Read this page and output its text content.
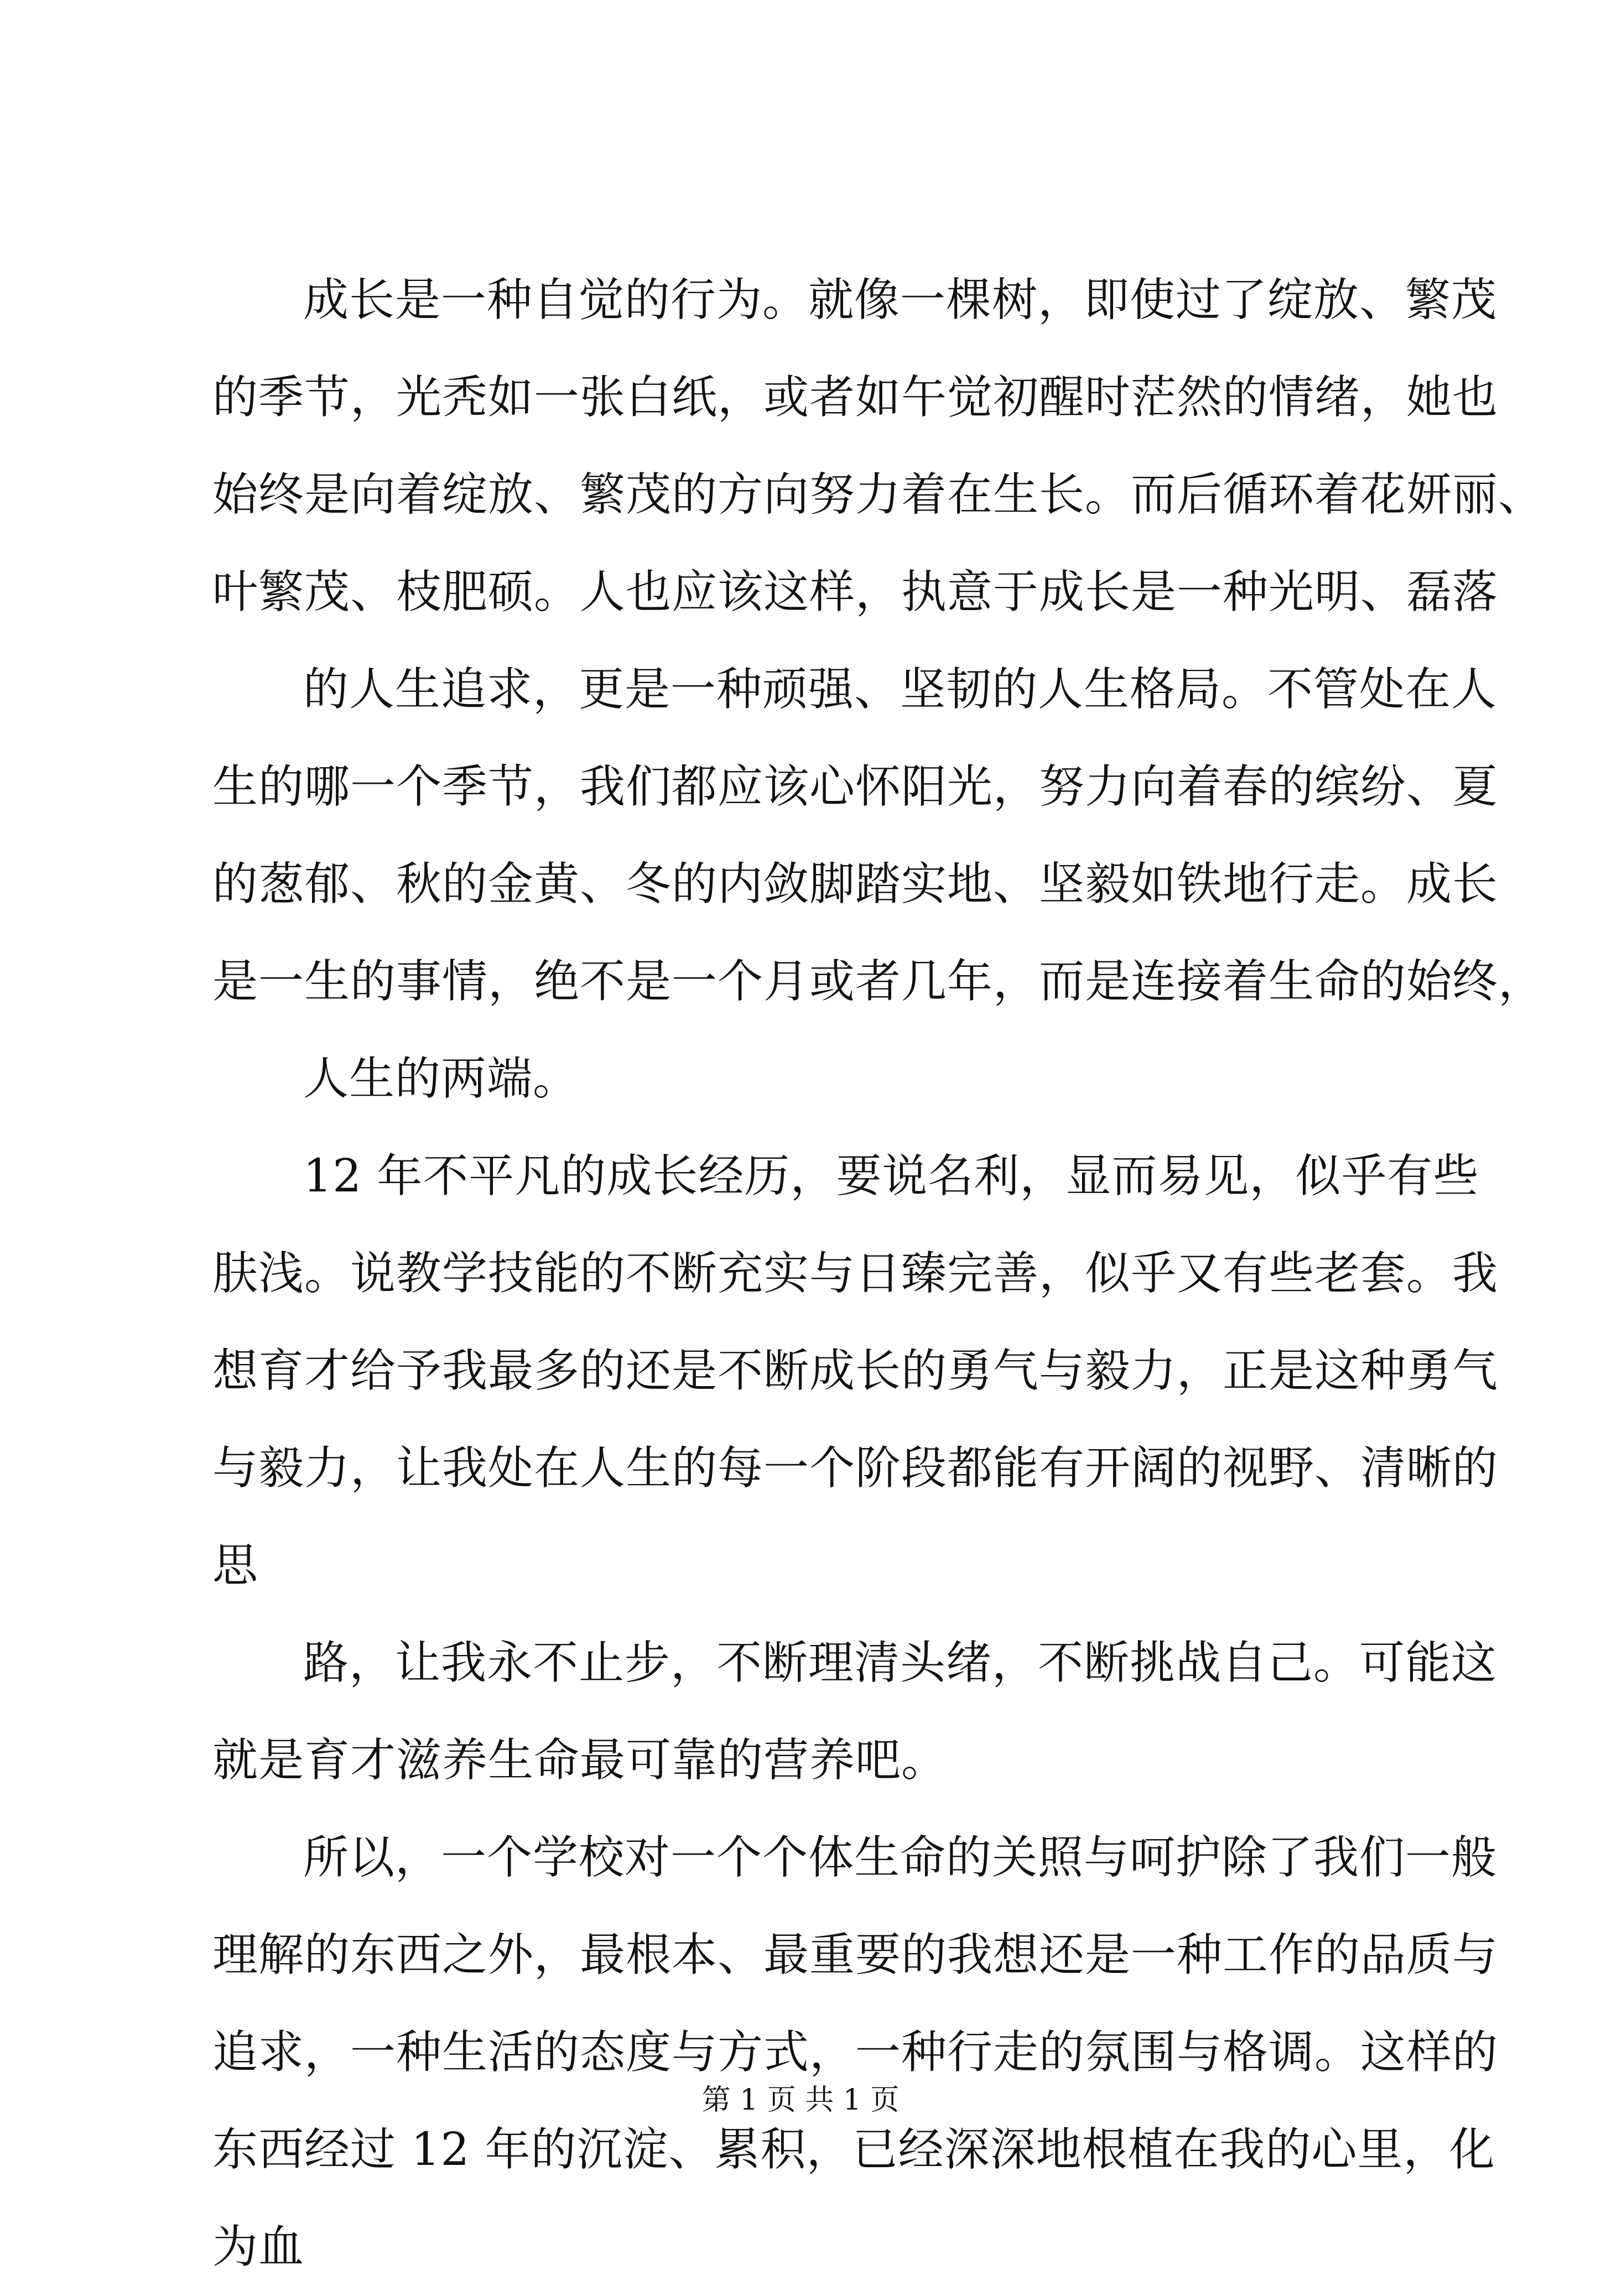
成长是一种自觉的行为。就像一棵树，即使过了绽放、繁茂
的季节，光秃如一张白纸，或者如午觉初醒时茫然的情绪，她也
始终是向着绽放、繁茂的方向努力着在生长。而后循环着花妍丽、
叶繁茂、枝肥硕。人也应该这样，执意于成长是一种光明、磊落
的人生追求，更是一种顽强、坚韧的人生格局。不管处在人
生的哪一个季节，我们都应该心怀阳光，努力向着春的缤纷、夏
的葱郁、秋的金黄、冬的内敛脚踏实地、坚毅如铁地行走。成长
是一生的事情，绝不是一个月或者几年，而是连接着生命的始终，
人生的两端。
12 年不平凡的成长经历，要说名利，显而易见，似乎有些
肤浅。说教学技能的不断充实与日臻完善，似乎又有些老套。我
想育才给予我最多的还是不断成长的勇气与毅力，正是这种勇气
与毅力，让我处在人生的每一个阶段都能有开阔的视野、清晰的
思
路，让我永不止步，不断理清头绪，不断挑战自己。可能这
就是育才滋养生命最可靠的营养吧。
所以，一个学校对一个个体生命的关照与呵护除了我们一般
理解的东西之外，最根本、最重要的我想还是一种工作的品质与
追求，一种生活的态度与方式，一种行走的氛围与格调。这样的
东西经过 12 年的沉淀、累积，已经深深地根植在我的心里，化
为血
第 1 页 共 1 页
